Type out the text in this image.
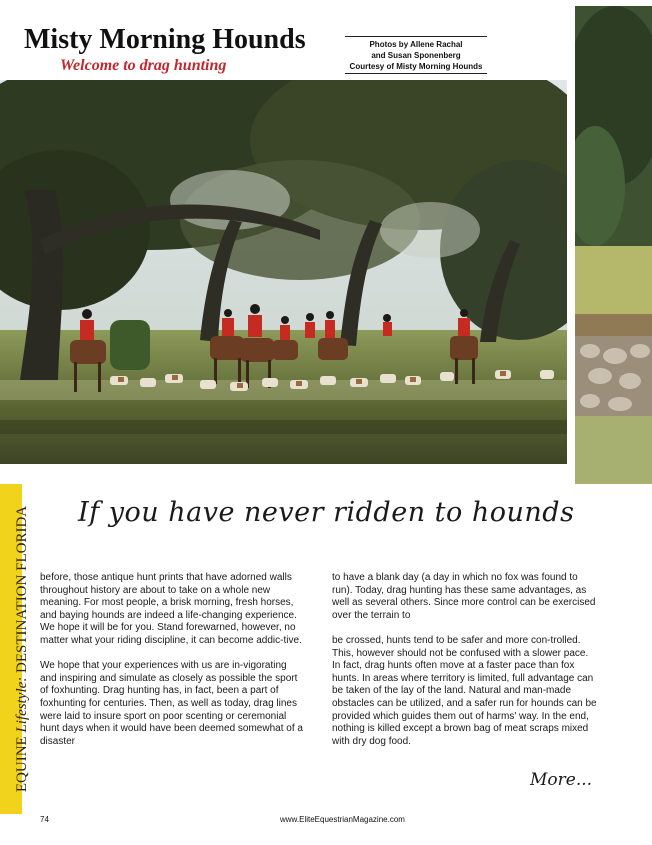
Misty Morning Hounds
Welcome to drag hunting
Photos by Allene Rachal
and Susan Sponenberg
Courtesy of Misty Morning Hounds
EQUINE Lifestyle: DESTINATION FLORIDA If you have never ridden to hounds

before, those antique hunt prints that have adorned walls throughout history are about to take on a whole new meaning. For most people, a brisk morning, fresh horses, and baying hounds are indeed a life-changing experience. We hope it will be for you. Stand forewarned, however, no matter what your riding discipline, it can become addic-tive.

We hope that your experiences with us are in-vigorating and inspiring and simulate as closely as possible the sport of foxhunting. Drag hunting has, in fact, been a part of foxhunting for centuries. Then, as well as today, drag lines were laid to insure sport on poor scenting or ceremonial hunt days when it would have been deemed somewhat of a disaster

to have a blank day (a day in which no fox was found to run). Today, drag hunting has these same advantages, as well as several others. Since more control can be exercised over the terrain to

be crossed, hunts tend to be safer and more con-trolled. This, however should not be confused with a slower pace. In fact, drag hunts often move at a faster pace than fox hunts. In areas where territory is limited, full advantage can be taken of the lay of the land. Natural and man-made obstacles can be utilized, and a safer run for hounds can be provided which guides them out of harms' way. In the end, nothing is killed except a brown bag of meat scraps mixed with dry dog food.

More...
74	www.EliteEquestrianMagazine.com
